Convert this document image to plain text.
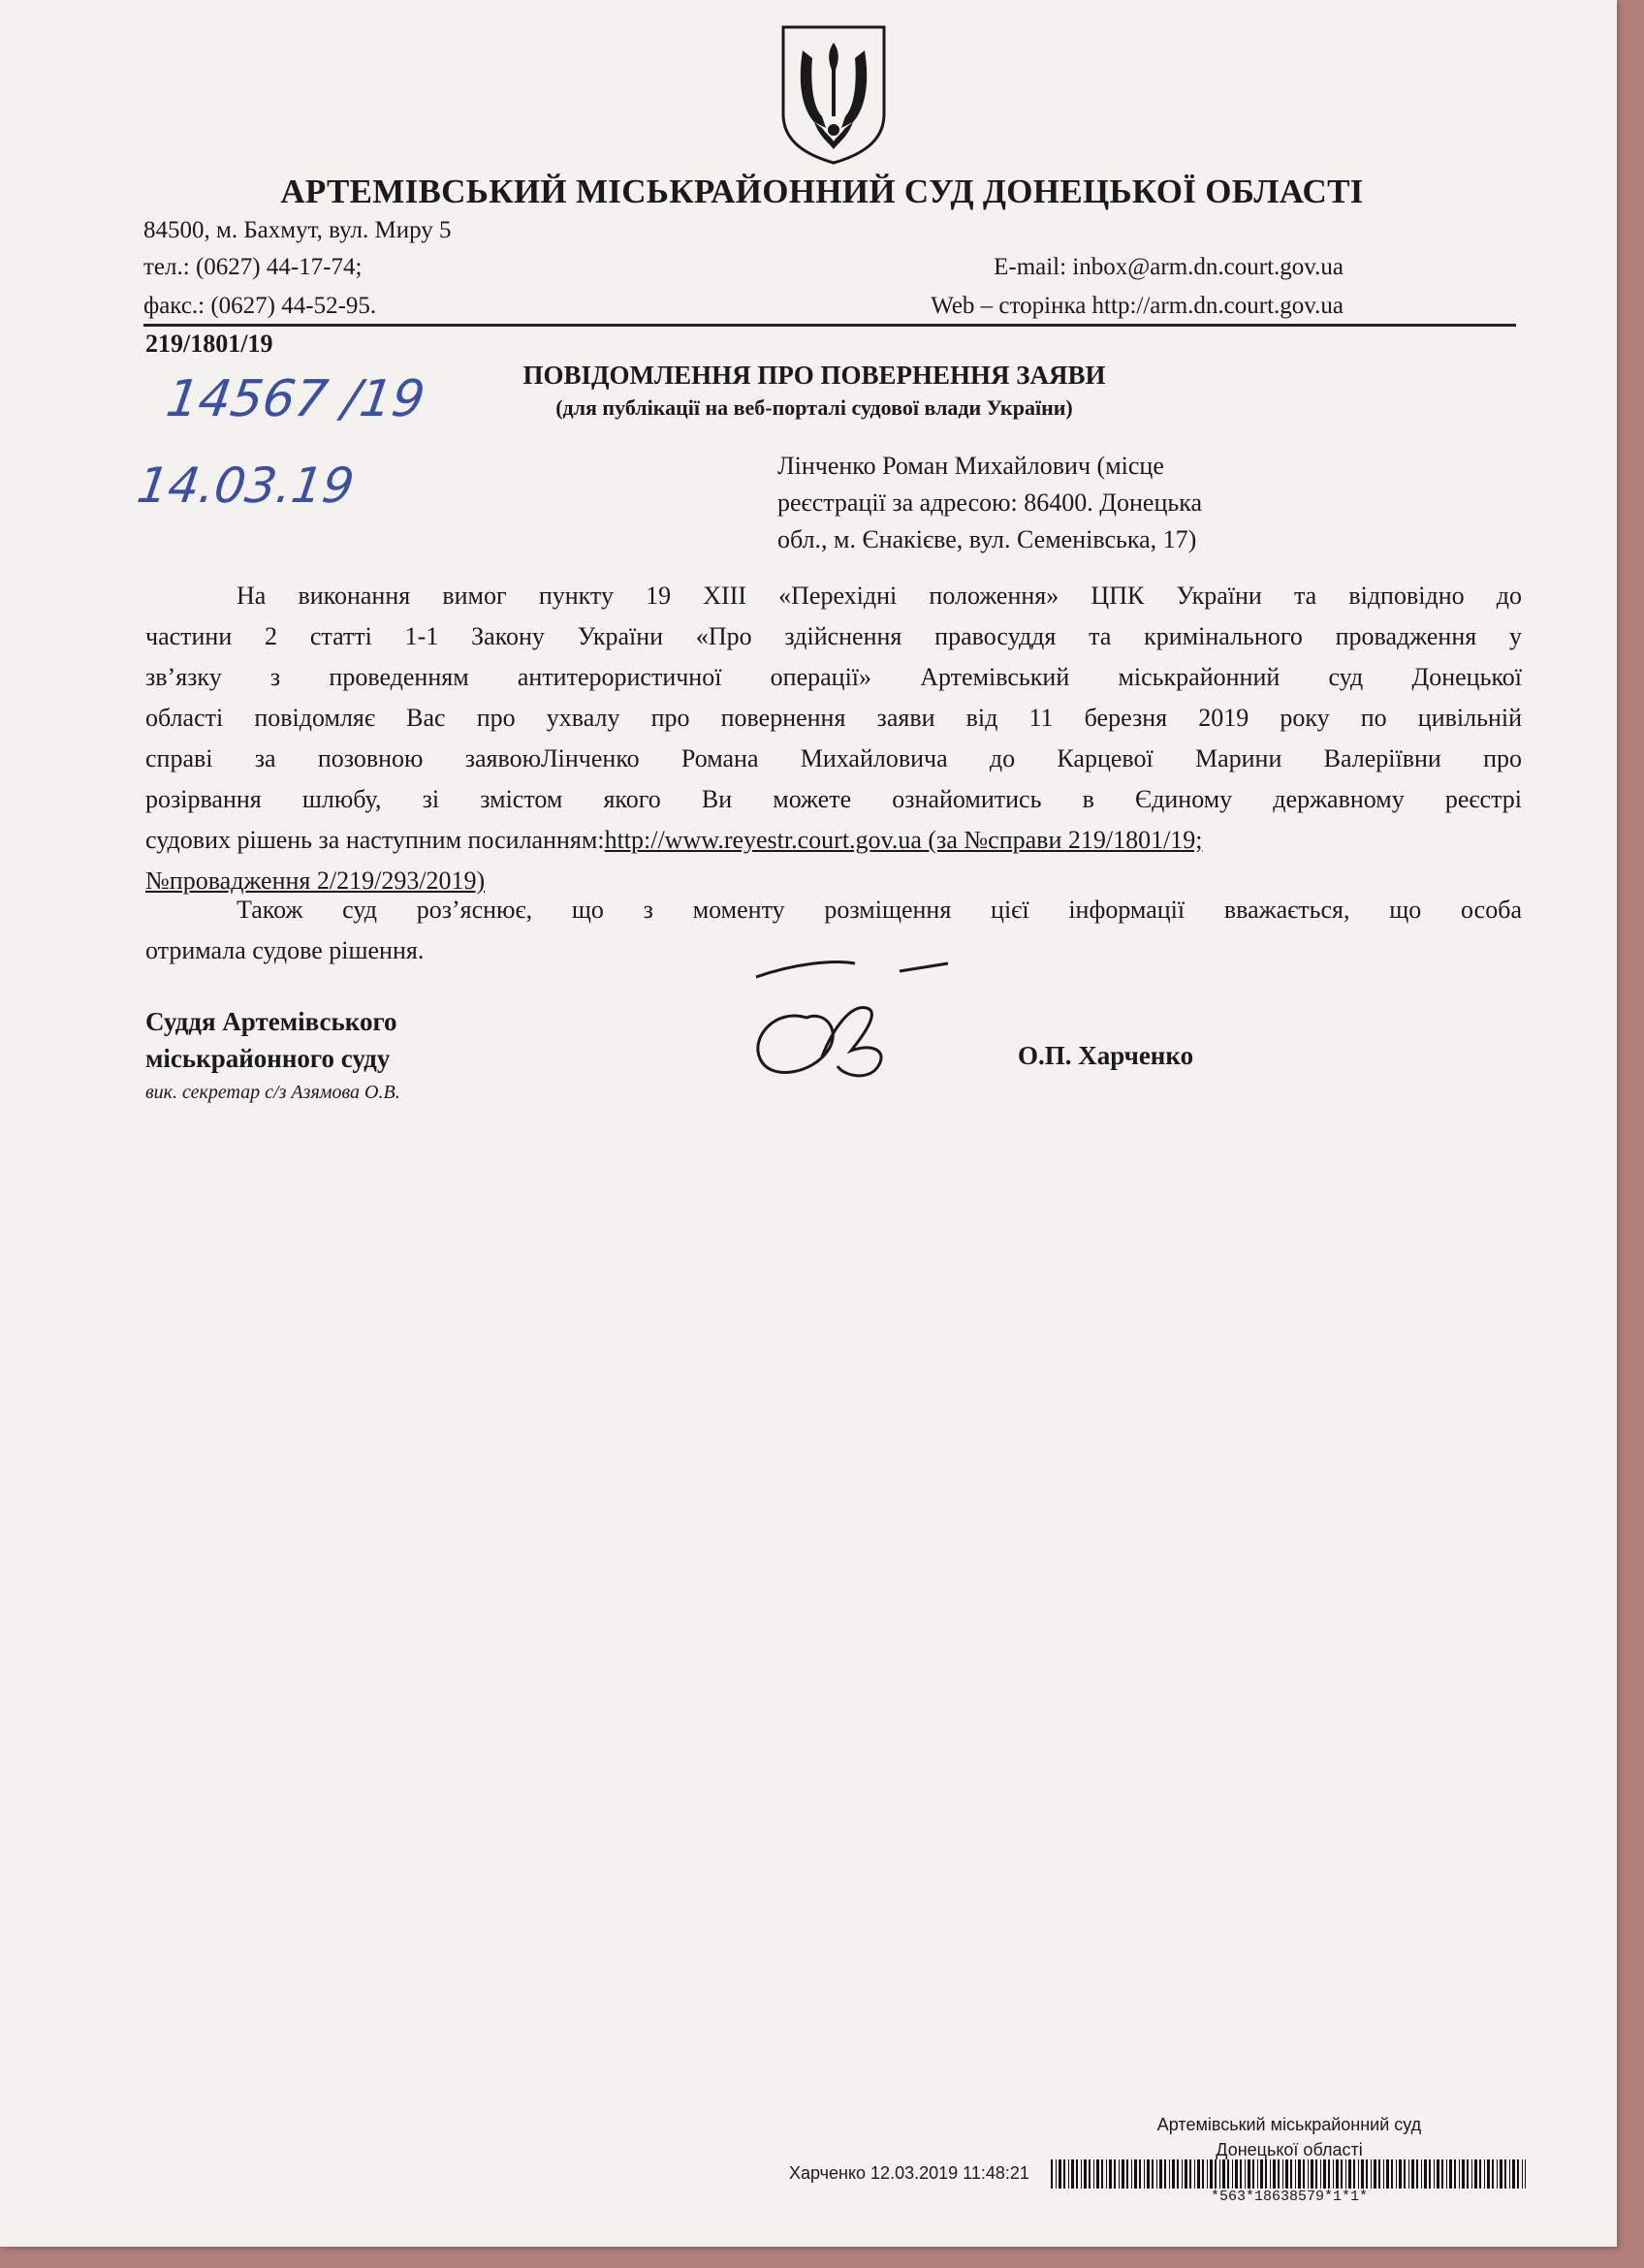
АРТЕМІВСЬКИЙ МІСЬКРАЙОННИЙ СУД ДОНЕЦЬКОЇ ОБЛАСТІ
84500, м. Бахмут, вул. Миру 5
тел.: (0627) 44-17-74;
факс.: (0627) 44-52-95.
E-mail: inbox@arm.dn.court.gov.ua
Web – сторінка http://arm.dn.court.gov.ua
219/1801/19
14567 /19
14.03.19
ПОВІДОМЛЕННЯ ПРО ПОВЕРНЕННЯ ЗАЯВИ
(для публікації на веб-порталі судової влади України)
Лінченко Роман Михайлович (місце
реєстрації за адресою: 86400. Донецька
обл., м. Єнакієве, вул. Семенівська, 17)
На виконання вимог пункту 19 XIII «Перехідні положення» ЦПК України та відповідно до
частини 2 статті 1-1 Закону України «Про здійснення правосуддя та кримінального провадження у
зв’язку з проведенням антитерористичної операції» Артемівський міськрайонний суд Донецької
області повідомляє Вас про ухвалу про повернення заяви від 11 березня 2019 року по цивільній
справі за позовною заявоюЛінченко Романа Михайловича до Карцевої Марини Валеріївни про
розірвання шлюбу, зі змістом якого Ви можете ознайомитись в Єдиному державному реєстрі
судових рішень за наступним посиланням:http://www.reyestr.court.gov.ua (за №справи 219/1801/19;
№провадження 2/219/293/2019)
Також суд роз’яснює, що з моменту розміщення цієї інформації вважається, що особа
отримала судове рішення.
Суддя Артемівського
міськрайонного суду
вик. секретар с/з Азямова О.В.
О.П. Харченко
Артемівський міськрайонний суд
Донецької області
Харченко 12.03.2019 11:48:21
*563*18638579*1*1*
